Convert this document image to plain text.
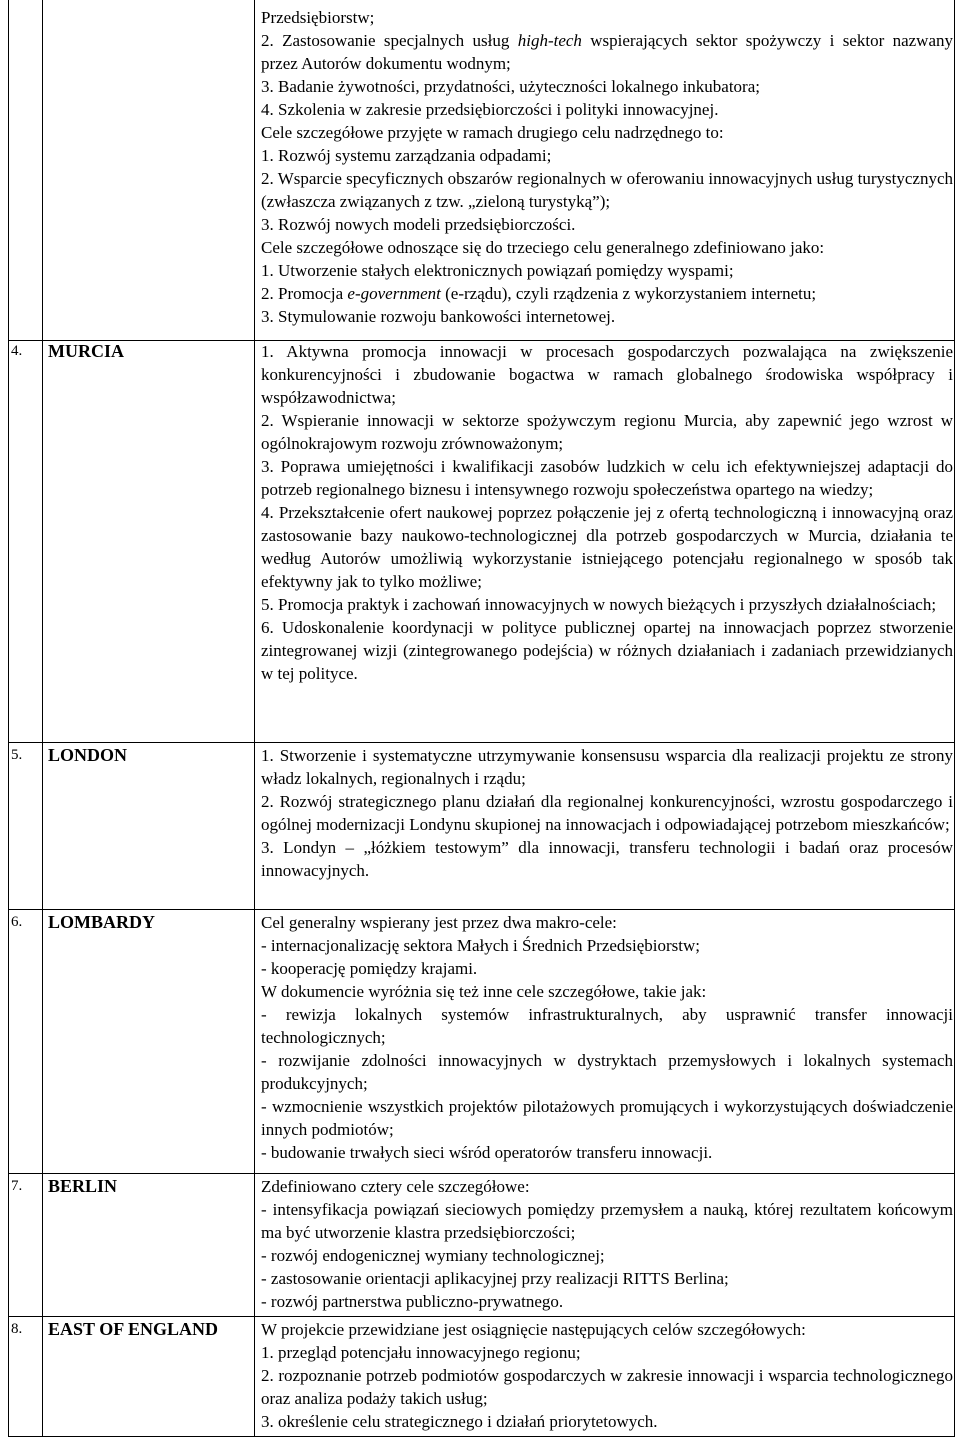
Przedsiębiorstw;

2. Zastosowanie specjalnych usług high-tech wspierających sektor spożywczy i sektor nazwany przez Autorów dokumentu wodnym;

3. Badanie żywotności, przydatności, użyteczności lokalnego inkubatora;

4. Szkolenia w zakresie przedsiębiorczości i polityki innowacyjnej.

Cele szczegółowe przyjęte w ramach drugiego celu nadrzędnego to:

1. Rozwój systemu zarządzania odpadami;

2. Wsparcie specyficznych obszarów regionalnych w oferowaniu innowacyjnych usług turystycznych (zwłaszcza związanych z tzw. „zieloną turystyką”);

3. Rozwój nowych modeli przedsiębiorczości.

Cele szczegółowe odnoszące się do trzeciego celu generalnego zdefiniowano jako:

1. Utworzenie stałych elektronicznych powiązań pomiędzy wyspami;

2. Promocja e-government (e-rządu), czyli rządzenia z wykorzystaniem internetu;

3. Stymulowanie rozwoju bankowości internetowej.

4. MURCIA	1. Aktywna promocja innowacji w procesach gospodarczych pozwalająca na zwiększenie konkurencyjności i zbudowanie bogactwa w ramach globalnego środowiska współpracy i współzawodnictwa;

2. Wspieranie innowacji w sektorze spożywczym regionu Murcia, aby zapewnić jego wzrost w ogólnokrajowym rozwoju zrównoważonym;

3. Poprawa umiejętności i kwalifikacji zasobów ludzkich w celu ich efektywniejszej adaptacji do potrzeb regionalnego biznesu i intensywnego rozwoju społeczeństwa opartego na wiedzy;

4. Przekształcenie ofert naukowej poprzez połączenie jej z ofertą technologiczną i innowacyjną oraz zastosowanie bazy naukowo-technologicznej dla potrzeb gospodarczych w Murcia, działania te według Autorów umożliwią wykorzystanie istniejącego potencjału regionalnego w sposób tak efektywny jak to tylko możliwe;

5. Promocja praktyk i zachowań innowacyjnych w nowych bieżących i przyszłych działalnościach;

6. Udoskonalenie koordynacji w polityce publicznej opartej na innowacjach poprzez stworzenie zintegrowanej wizji (zintegrowanego podejścia) w różnych działaniach i zadaniach przewidzianych w tej polityce.

5. LONDON	1. Stworzenie i systematyczne utrzymywanie konsensusu wsparcia dla realizacji projektu ze strony władz lokalnych, regionalnych i rządu;

2. Rozwój strategicznego planu działań dla regionalnej konkurencyjności, wzrostu gospodarczego i ogólnej modernizacji Londynu skupionej na innowacjach i odpowiadającej potrzebom mieszkańców;

3. Londyn – „łóżkiem testowym” dla innowacji, transferu technologii i badań oraz procesów innowacyjnych.

6. LOMBARDY	Cel generalny wspierany jest przez dwa makro-cele:

- internacjonalizację sektora Małych i Średnich Przedsiębiorstw;

- kooperację pomiędzy krajami.

W dokumencie wyróżnia się też inne cele szczegółowe, takie jak:

- rewizja lokalnych systemów infrastrukturalnych, aby usprawnić transfer innowacji technologicznych;

- rozwijanie zdolności innowacyjnych w dystryktach przemysłowych i lokalnych systemach produkcyjnych;

- wzmocnienie wszystkich projektów pilotażowych promujących i wykorzystujących doświadczenie innych podmiotów;

- budowanie trwałych sieci wśród operatorów transferu innowacji.

7. BERLIN	Zdefiniowano cztery cele szczegółowe:

- intensyfikacja powiązań sieciowych pomiędzy przemysłem a nauką, której rezultatem końcowym ma być utworzenie klastra przedsiębiorczości;

- rozwój endogenicznej wymiany technologicznej;

- zastosowanie orientacji aplikacyjnej przy realizacji RITTS Berlina;

- rozwój partnerstwa publiczno-prywatnego.

8. EAST OF ENGLAND	W projekcie przewidziane jest osiągnięcie następujących celów szczegółowych:

1. przegląd potencjału innowacyjnego regionu;

2. rozpoznanie potrzeb podmiotów gospodarczych w zakresie innowacji i wsparcia technologicznego oraz analiza podaży takich usług;

3. określenie celu strategicznego i działań priorytetowych.
